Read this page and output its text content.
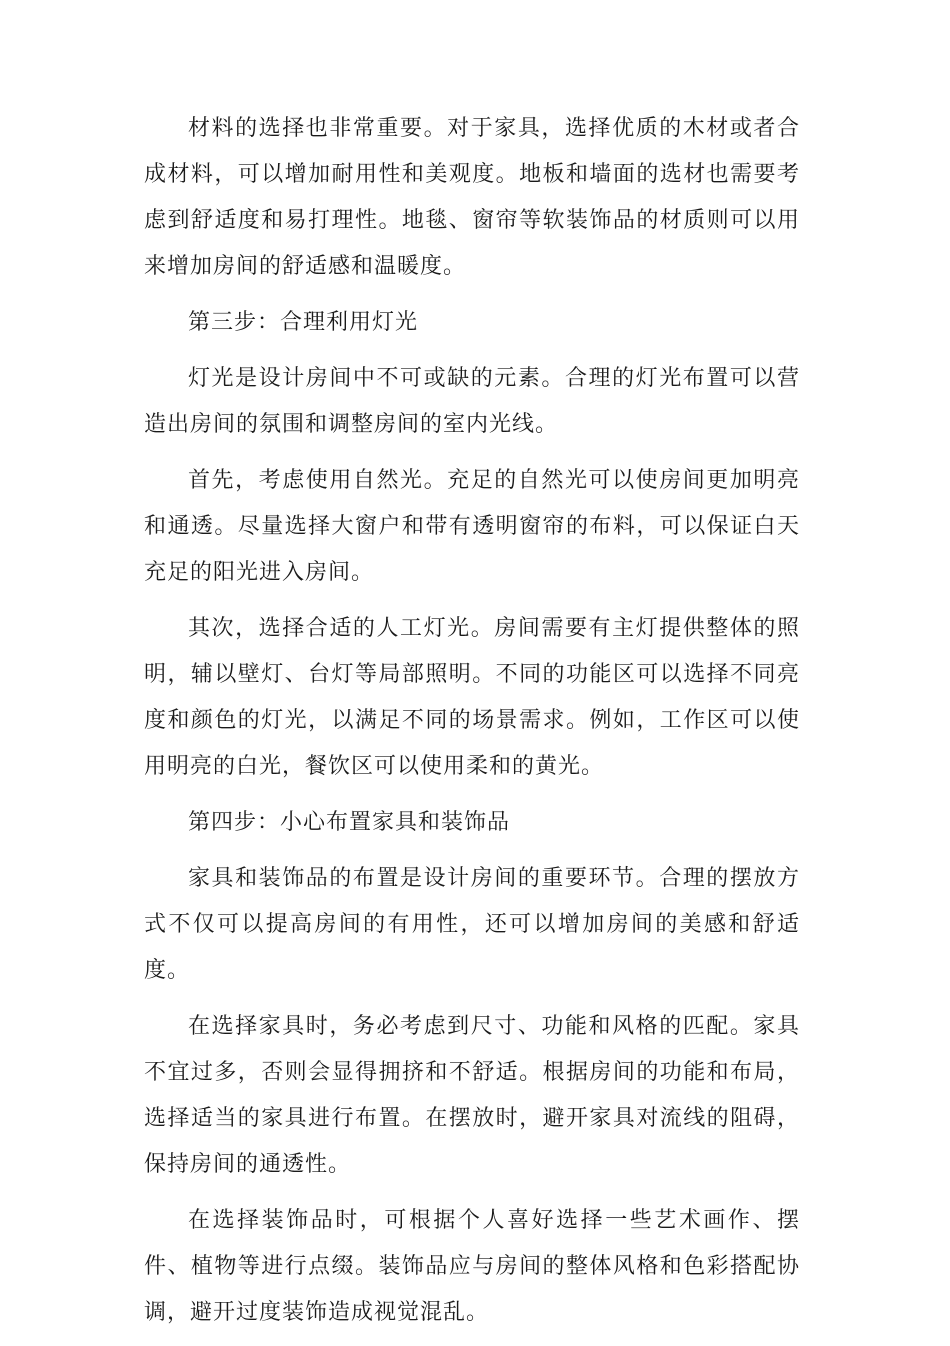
材料的选择也非常重要。对于家具，选择优质的木材或者合成材料，可以增加耐用性和美观度。地板和墙面的选材也需要考虑到舒适度和易打理性。地毯、窗帘等软装饰品的材质则可以用来增加房间的舒适感和温暖度。

第三步：合理利用灯光

灯光是设计房间中不可或缺的元素。合理的灯光布置可以营造出房间的氛围和调整房间的室内光线。

首先，考虑使用自然光。充足的自然光可以使房间更加明亮和通透。尽量选择大窗户和带有透明窗帘的布料，可以保证白天充足的阳光进入房间。

其次，选择合适的人工灯光。房间需要有主灯提供整体的照明，辅以壁灯、台灯等局部照明。不同的功能区可以选择不同亮度和颜色的灯光，以满足不同的场景需求。例如，工作区可以使用明亮的白光，餐饮区可以使用柔和的黄光。

第四步：小心布置家具和装饰品

家具和装饰品的布置是设计房间的重要环节。合理的摆放方式不仅可以提高房间的有用性，还可以增加房间的美感和舒适度。

在选择家具时，务必考虑到尺寸、功能和风格的匹配。家具不宜过多，否则会显得拥挤和不舒适。根据房间的功能和布局，选择适当的家具进行布置。在摆放时，避开家具对流线的阻碍，保持房间的通透性。

在选择装饰品时，可根据个人喜好选择一些艺术画作、摆件、植物等进行点缀。装饰品应与房间的整体风格和色彩搭配协调，避开过度装饰造成视觉混乱。
